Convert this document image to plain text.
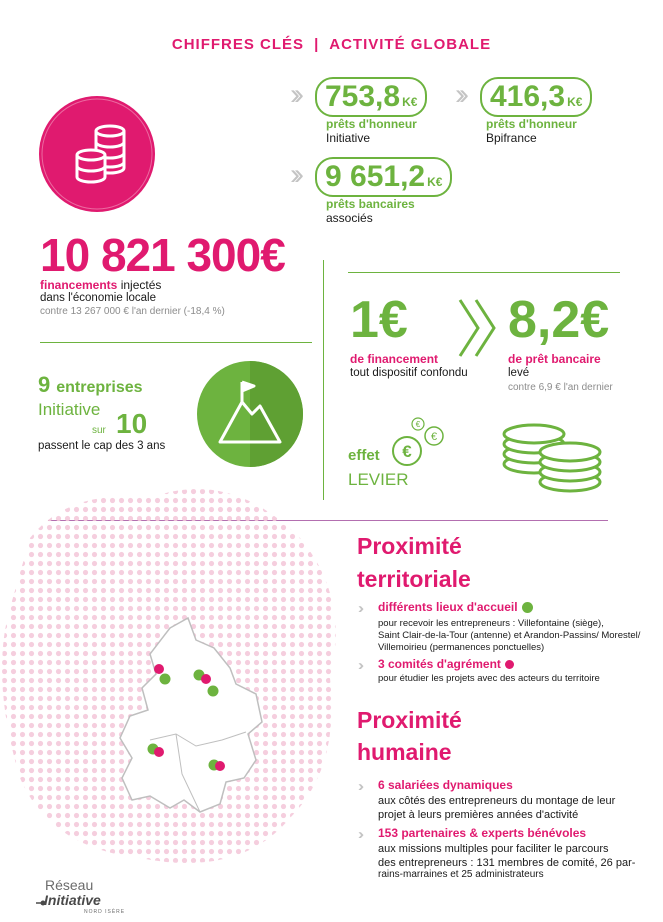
CHIFFRES CLÉS | ACTIVITÉ GLOBALE
›› 753,8 K€
prêts d'honneur
Initiative
›› 416,3 K€
prêts d'honneur
Bpifrance
›› 9 651,2 K€
prêts bancaires
associés
10 821 300€
financements injectés
dans l'économie locale
contre 13 267 000 € l'an dernier (-18,4 %) 1€
de financement
tout dispositif confondu
8,2€
de prêt bancaire
levé
contre 6,9 € l'an dernier
9 entreprises
Initiative
sur 10
passent le cap des 3 ans
effet
LEVIER
€
€
€
Proximité
territoriale
›› différents lieux d'accueil
pour recevoir les entrepreneurs : Villefontaine (siège),
Saint Clair-de-la-Tour (antenne) et Arandon-Passins/ Morestel/
Villemoirieu (permanences ponctuelles)
›› 3 comités d'agrément
pour étudier les projets avec des acteurs du territoire
Proximité
humaine
›› 6 salariées dynamiques
aux côtés des entrepreneurs du montage de leur
projet à leurs premières années d'activité
›› 153 partenaires & experts bénévoles
aux missions multiples pour faciliter le parcours
des entrepreneurs : 131 membres de comité, 26 par-
rains-marraines et 25 administrateurs
Réseau
Initiative
NORD ISÈRE
